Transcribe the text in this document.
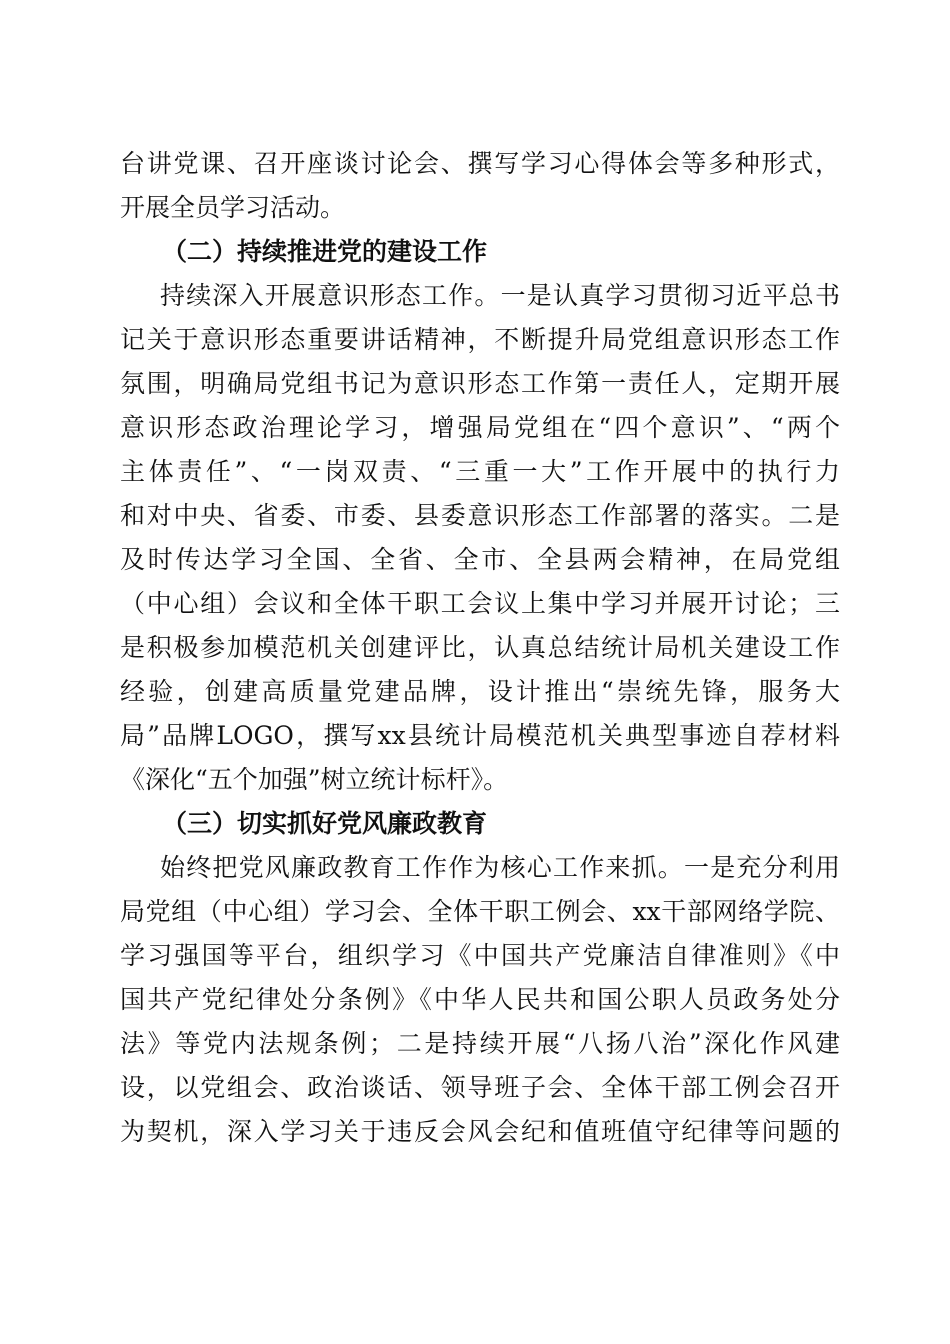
台讲党课、召开座谈讨论会、撰写学习心得体会等多种形式，
开展全员学习活动。
（二）持续推进党的建设工作
持续深入开展意识形态工作。一是认真学习贯彻习近平总书
记关于意识形态重要讲话精神，不断提升局党组意识形态工作
氛围，明确局党组书记为意识形态工作第一责任人，定期开展
意识形态政治理论学习，增强局党组在“四个意识”、“两个
主体责任”、“一岗双责、“三重一大”工作开展中的执行力
和对中央、省委、市委、县委意识形态工作部署的落实。二是
及时传达学习全国、全省、全市、全县两会精神，在局党组
（中心组）会议和全体干职工会议上集中学习并展开讨论；三
是积极参加模范机关创建评比，认真总结统计局机关建设工作
经验，创建高质量党建品牌，设计推出“崇统先锋，服务大
局”品牌LOGO，撰写xx县统计局模范机关典型事迹自荐材料
《深化“五个加强”树立统计标杆》。
（三）切实抓好党风廉政教育
始终把党风廉政教育工作作为核心工作来抓。一是充分利用
局党组（中心组）学习会、全体干职工例会、xx干部网络学院、
学习强国等平台，组织学习《中国共产党廉洁自律准则》《中
国共产党纪律处分条例》《中华人民共和国公职人员政务处分
法》等党内法规条例；二是持续开展“八扬八治”深化作风建
设，以党组会、政治谈话、领导班子会、全体干部工例会召开
为契机，深入学习关于违反会风会纪和值班值守纪律等问题的
